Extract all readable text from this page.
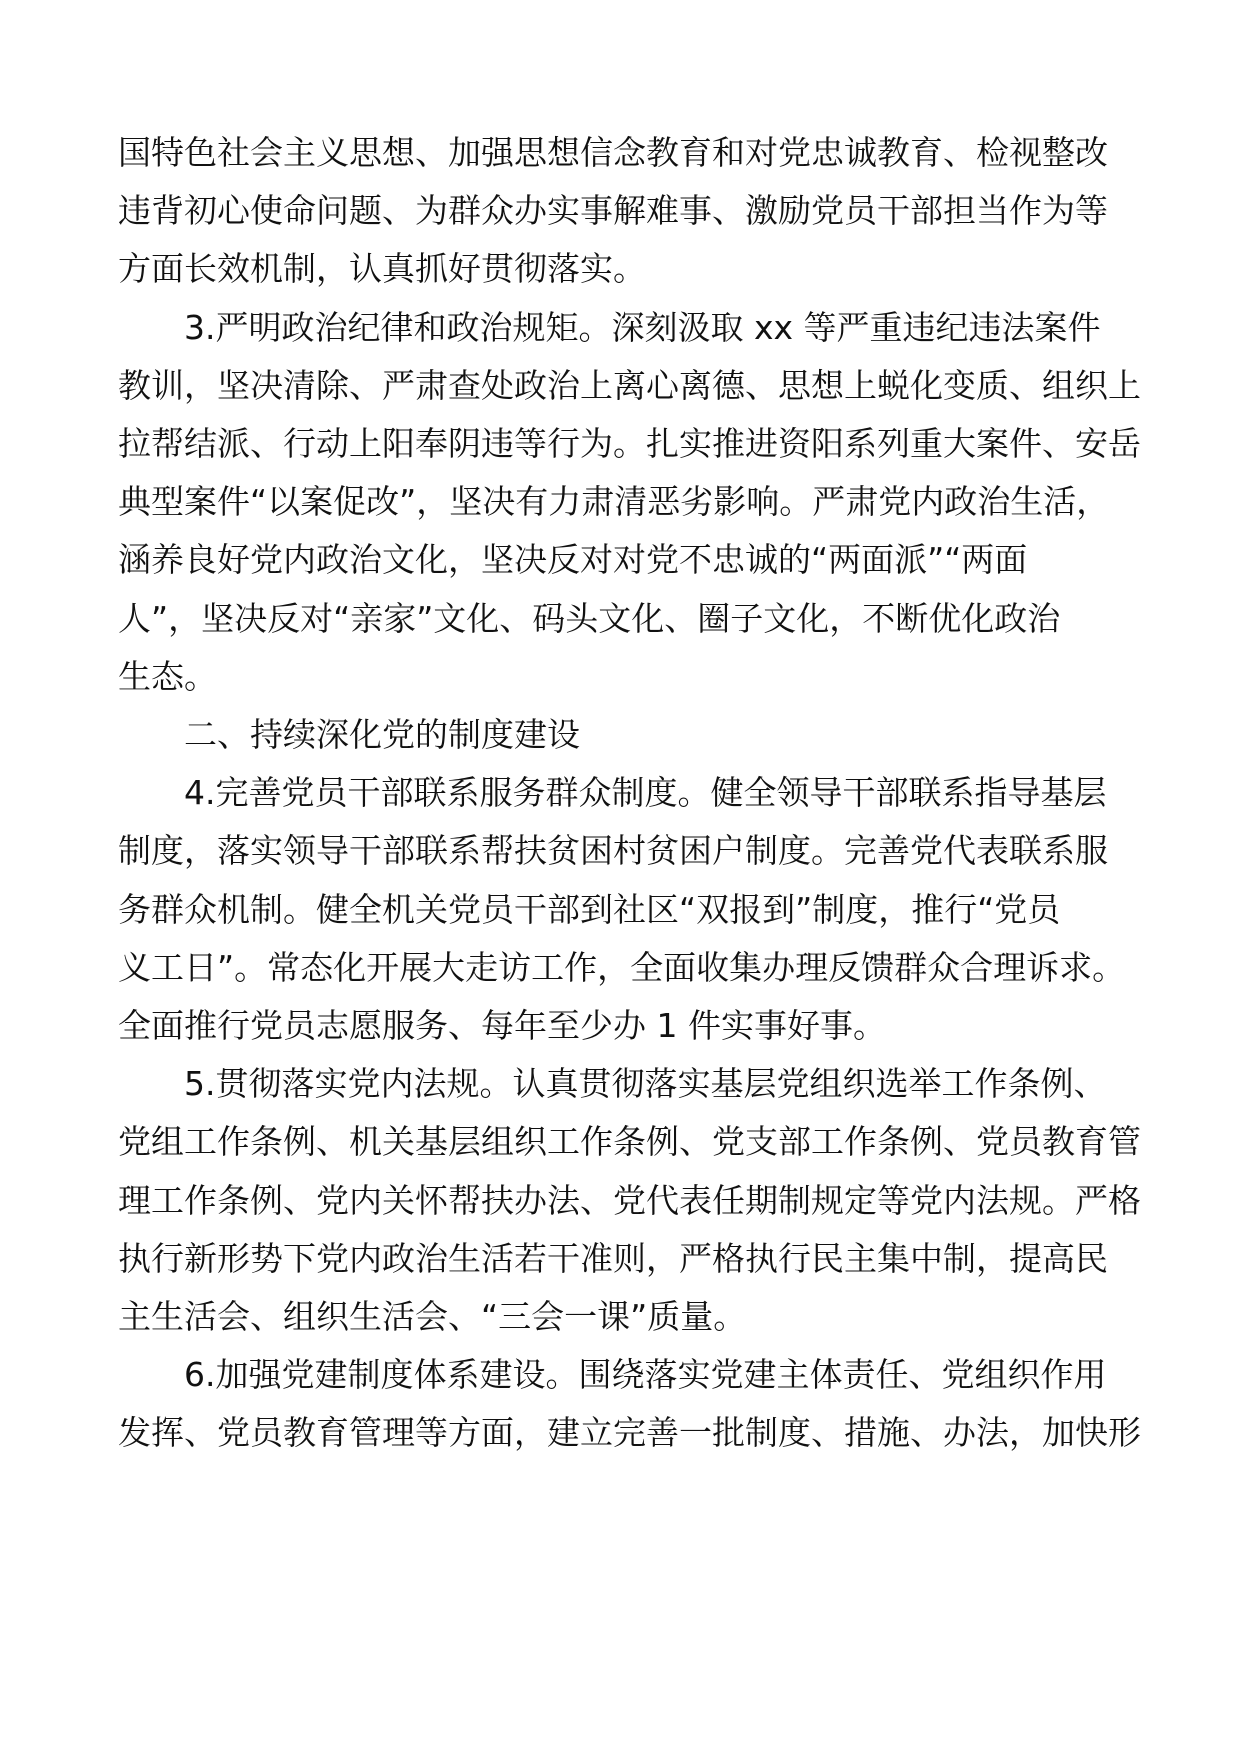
国特色社会主义思想、加强思想信念教育和对党忠诚教育、检视整改
违背初心使命问题、为群众办实事解难事、激励党员干部担当作为等
方面长效机制，认真抓好贯彻落实。
3.严明政治纪律和政治规矩。深刻汲取 xx 等严重违纪违法案件
教训，坚决清除、严肃查处政治上离心离德、思想上蜕化变质、组织上
拉帮结派、行动上阳奉阴违等行为。扎实推进资阳系列重大案件、安岳
典型案件“以案促改”，坚决有力肃清恶劣影响。严肃党内政治生活，
涵养良好党内政治文化，坚决反对对党不忠诚的“两面派”“两面
人”，坚决反对“亲家”文化、码头文化、圈子文化，不断优化政治
生态。
二、持续深化党的制度建设
4.完善党员干部联系服务群众制度。健全领导干部联系指导基层
制度，落实领导干部联系帮扶贫困村贫困户制度。完善党代表联系服
务群众机制。健全机关党员干部到社区“双报到”制度，推行“党员
义工日”。常态化开展大走访工作，全面收集办理反馈群众合理诉求。
全面推行党员志愿服务、每年至少办 1 件实事好事。
5.贯彻落实党内法规。认真贯彻落实基层党组织选举工作条例、
党组工作条例、机关基层组织工作条例、党支部工作条例、党员教育管
理工作条例、党内关怀帮扶办法、党代表任期制规定等党内法规。严格
执行新形势下党内政治生活若干准则，严格执行民主集中制，提高民
主生活会、组织生活会、“三会一课”质量。
6.加强党建制度体系建设。围绕落实党建主体责任、党组织作用
发挥、党员教育管理等方面，建立完善一批制度、措施、办法，加快形
